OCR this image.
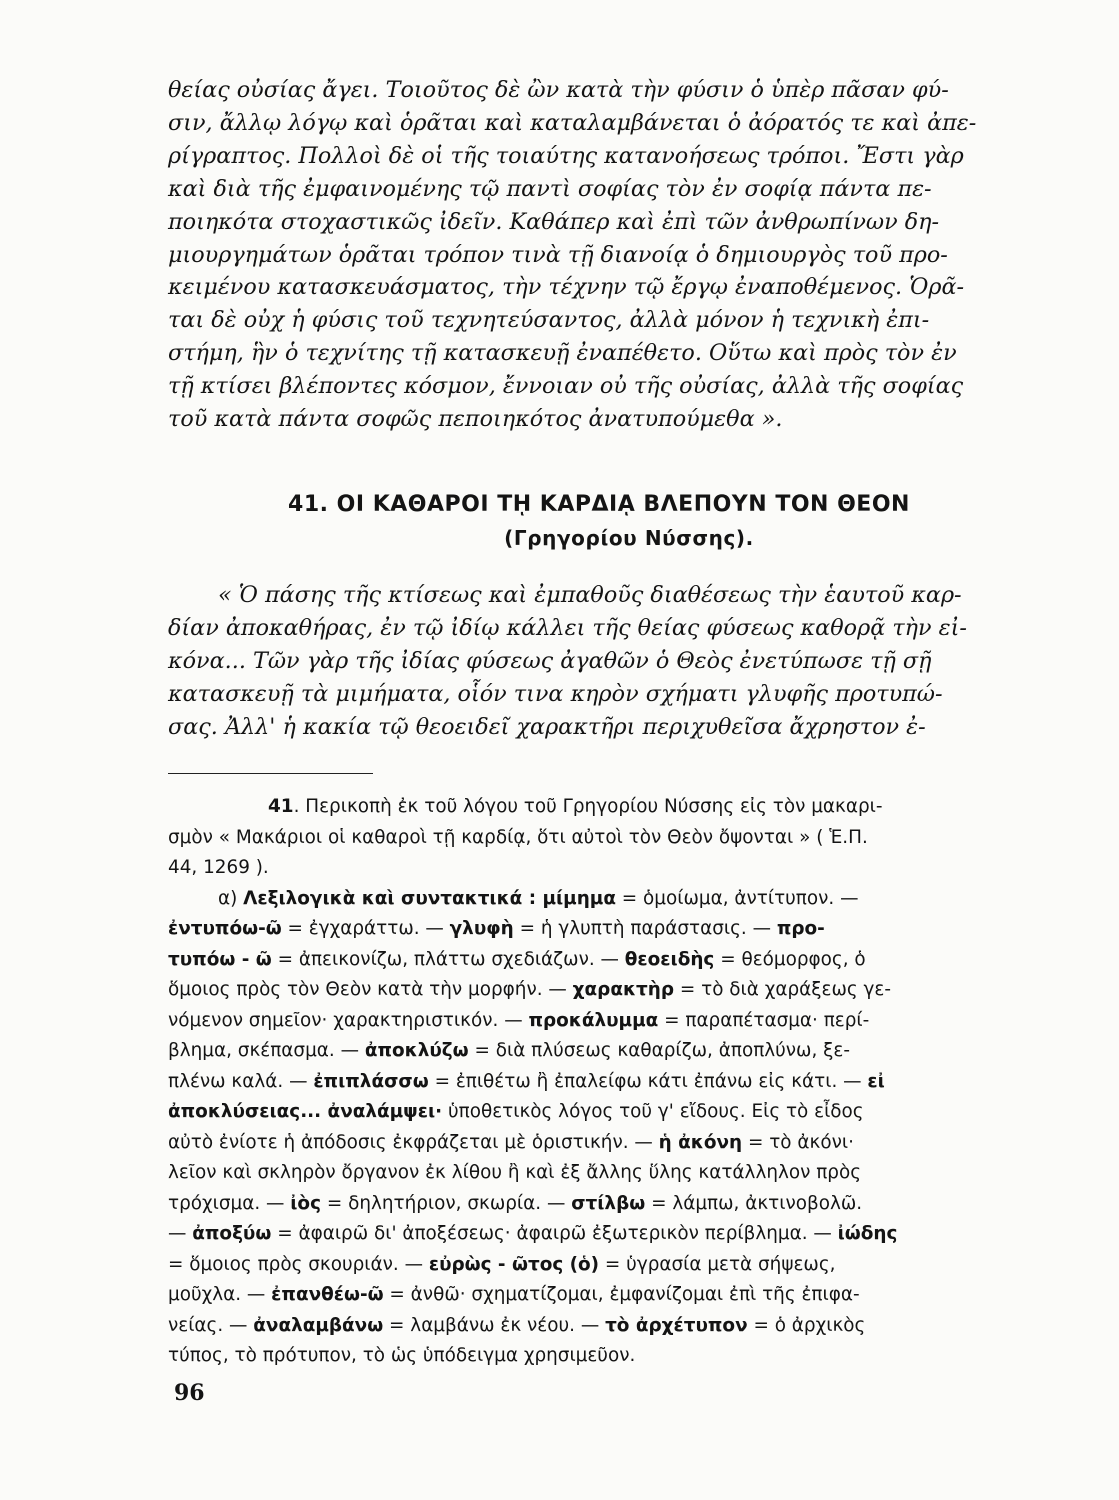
θείας οὐσίας ἄγει. Τοιοῦτος δὲ ὢν κατὰ τὴν φύσιν ὁ ὑπὲρ πᾶσαν φύ-
σιν, ἄλλῳ λόγῳ καὶ ὁρᾶται καὶ καταλαμβάνεται ὁ ἀόρατός τε καὶ ἀπε-
ρίγραπτος. Πολλοὶ δὲ οἱ τῆς τοιαύτης κατανοήσεως τρόποι. Ἔστι γὰρ
καὶ διὰ τῆς ἐμφαινομένης τῷ παντὶ σοφίας τὸν ἐν σοφίᾳ πάντα πε-
ποιηκότα στοχαστικῶς ἰδεῖν. Καθάπερ καὶ ἐπὶ τῶν ἀνθρωπίνων δη-
μιουργημάτων ὁρᾶται τρόπον τινὰ τῇ διανοίᾳ ὁ δημιουργὸς τοῦ προ-
κειμένου κατασκευάσματος, τὴν τέχνην τῷ ἔργῳ ἐναποθέμενος. Ὁρᾶ-
ται δὲ οὐχ ἡ φύσις τοῦ τεχνητεύσαντος, ἀλλὰ μόνον ἡ τεχνικὴ ἐπι-
στήμη, ἣν ὁ τεχνίτης τῇ κατασκευῇ ἐναπέθετο. Οὕτω καὶ πρὸς τὸν ἐν
τῇ κτίσει βλέποντες κόσμον, ἔννοιαν οὐ τῆς οὐσίας, ἀλλὰ τῆς σοφίας
τοῦ κατὰ πάντα σοφῶς πεποιηκότος ἀνατυπούμεθα ».
41. ΟΙ ΚΑΘΑΡΟΙ Τῌ ΚΑΡΔΙᾼ ΒΛΕΠΟΥΝ ΤΟΝ ΘΕΟΝ
(Γρηγορίου Νύσσης).
« Ὁ πάσης τῆς κτίσεως καὶ ἐμπαθοῦς διαθέσεως τὴν ἑαυτοῦ καρ-
δίαν ἀποκαθήρας, ἐν τῷ ἰδίῳ κάλλει τῆς θείας φύσεως καθορᾷ τὴν εἰ-
κόνα... Τῶν γὰρ τῆς ἰδίας φύσεως ἀγαθῶν ὁ Θεὸς ἐνετύπωσε τῇ σῇ
κατασκευῇ τὰ μιμήματα, οἷόν τινα κηρὸν σχήματι γλυφῆς προτυπώ-
σας. Ἀλλ' ἡ κακία τῷ θεοειδεῖ χαρακτῆρι περιχυθεῖσα ἄχρηστον ἐ-
41. Περικοπὴ ἐκ τοῦ λόγου τοῦ Γρηγορίου Νύσσης εἰς τὸν μακαρι-
σμὸν « Μακάριοι οἱ καθαροὶ τῇ καρδίᾳ, ὅτι αὐτοὶ τὸν Θεὸν ὄψονται » ( Ἑ.Π.
44, 1269 ).
α) Λεξιλογικὰ καὶ συντακτικά : μίμημα = ὁμοίωμα, ἀντίτυπον. —
ἐντυπόω-ῶ = ἐγχαράττω. — γλυφὴ = ἡ γλυπτὴ παράστασις. — προ-
τυπόω - ῶ = ἀπεικονίζω, πλάττω σχεδιάζων. — θεοειδὴς = θεόμορφος, ὁ
ὅμοιος πρὸς τὸν Θεὸν κατὰ τὴν μορφήν. — χαρακτὴρ = τὸ διὰ χαράξεως γε-
νόμενον σημεῖον· χαρακτηριστικόν. — προκάλυμμα = παραπέτασμα· περί-
βλημα, σκέπασμα. — ἀποκλύζω = διὰ πλύσεως καθαρίζω, ἀποπλύνω, ξε-
πλένω καλά. — ἐπιπλάσσω = ἐπιθέτω ἢ ἐπαλείφω κάτι ἐπάνω εἰς κάτι. — εἰ
ἀποκλύσειας... ἀναλάμψει· ὑποθετικὸς λόγος τοῦ γ' εἴδους. Εἰς τὸ εἶδος
αὐτὸ ἐνίοτε ἡ ἀπόδοσις ἐκφράζεται μὲ ὁριστικήν. — ἡ ἀκόνη = τὸ ἀκόνι·
λεῖον καὶ σκληρὸν ὄργανον ἐκ λίθου ἢ καὶ ἐξ ἄλλης ὕλης κατάλληλον πρὸς
τρόχισμα. — ἰὸς = δηλητήριον, σκωρία. — στίλβω = λάμπω, ἀκτινοβολῶ.
— ἀποξύω = ἀφαιρῶ δι' ἀποξέσεως· ἀφαιρῶ ἐξωτερικὸν περίβλημα. — ἰώδης
= ὅμοιος πρὸς σκουριάν. — εὐρὼς - ῶτος (ὁ) = ὑγρασία μετὰ σήψεως,
μοῦχλα. — ἐπανθέω-ῶ = ἀνθῶ· σχηματίζομαι, ἐμφανίζομαι ἐπὶ τῆς ἐπιφα-
νείας. — ἀναλαμβάνω = λαμβάνω ἐκ νέου. — τὸ ἀρχέτυπον = ὁ ἀρχικὸς
τύπος, τὸ πρότυπον, τὸ ὡς ὑπόδειγμα χρησιμεῦον.
96
